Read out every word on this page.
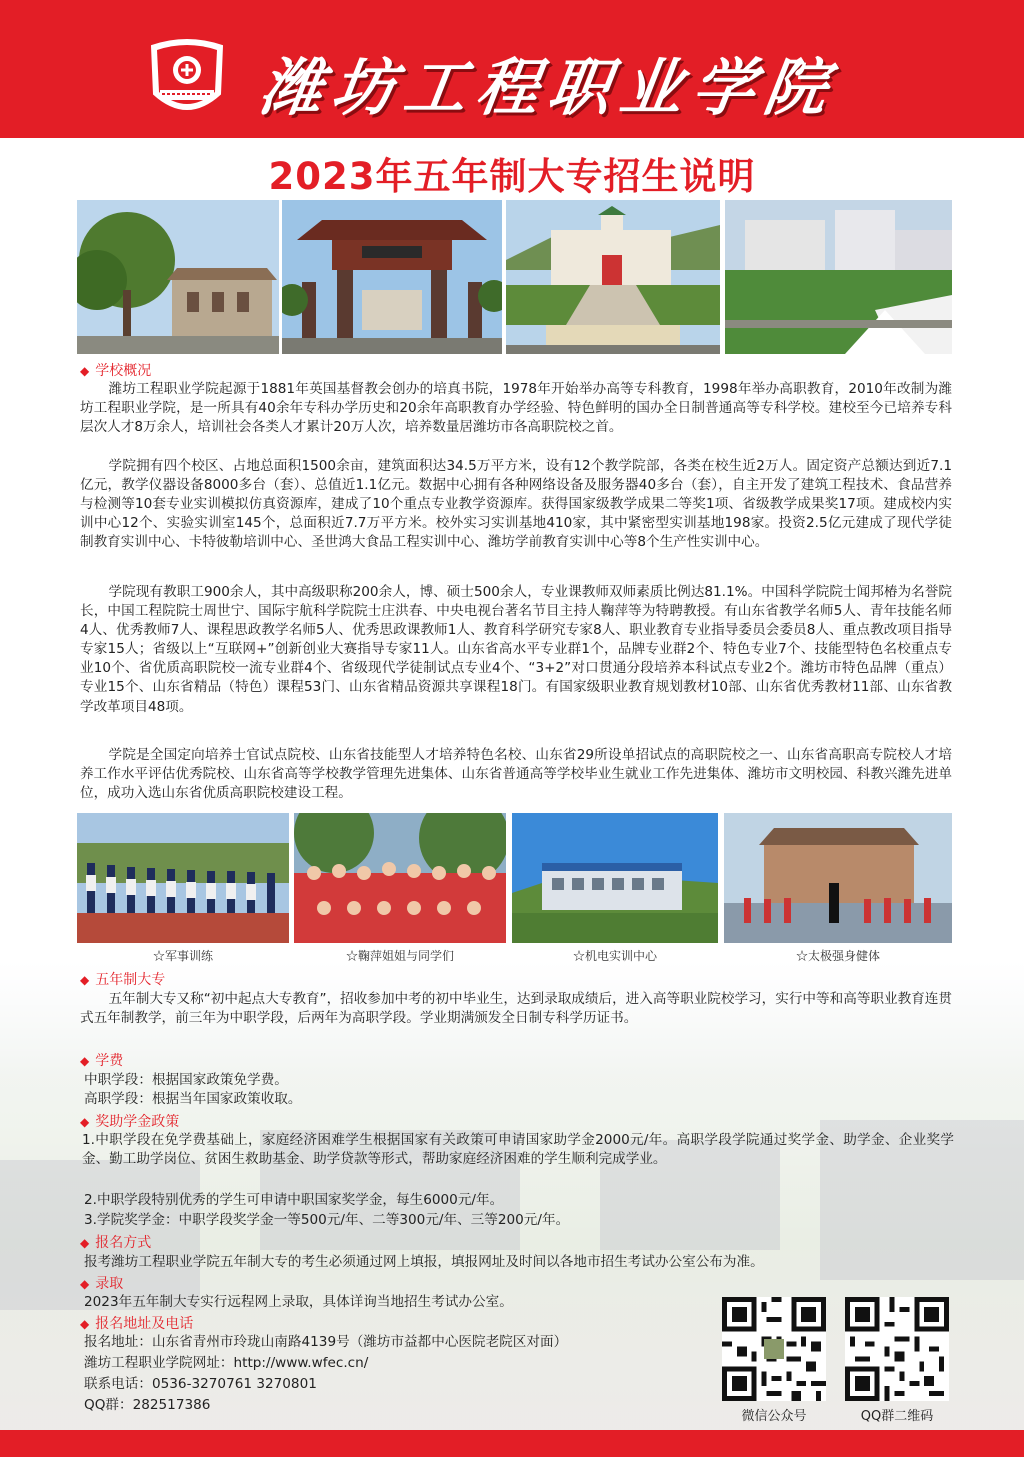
潍坊工程职业学院
2023年五年制大专招生说明
◆ 学校概况
潍坊工程职业学院起源于1881年英国基督教会创办的培真书院，1978年开始举办高等专科教育，1998年举办高职教育，2010年改制为潍坊工程职业学院，是一所具有40余年专科办学历史和20余年高职教育办学经验、特色鲜明的国办全日制普通高等专科学校。建校至今已培养专科层次人才8万余人，培训社会各类人才累计20万人次，培养数量居潍坊市各高职院校之首。
学院拥有四个校区、占地总面积1500余亩，建筑面积达34.5万平方米，设有12个教学院部，各类在校生近2万人。固定资产总额达到近7.1亿元，教学仪器设备8000多台（套）、总值近1.1亿元。数据中心拥有各种网络设备及服务器40多台（套），自主开发了建筑工程技术、食品营养与检测等10套专业实训模拟仿真资源库，建成了10个重点专业教学资源库。获得国家级教学成果二等奖1项、省级教学成果奖17项。建成校内实训中心12个、实验实训室145个，总面积近7.7万平方米。校外实习实训基地410家，其中紧密型实训基地198家。投资2.5亿元建成了现代学徒制教育实训中心、卡特彼勒培训中心、圣世鸿大食品工程实训中心、潍坊学前教育实训中心等8个生产性实训中心。
学院现有教职工900余人，其中高级职称200余人，博、硕士500余人，专业课教师双师素质比例达81.1%。中国科学院院士闻邦椿为名誉院长，中国工程院院士周世宁、国际宇航科学院院士庄洪春、中央电视台著名节目主持人鞠萍等为特聘教授。有山东省教学名师5人、青年技能名师4人、优秀教师7人、课程思政教学名师5人、优秀思政课教师1人、教育科学研究专家8人、职业教育专业指导委员会委员8人、重点教改项目指导专家15人；省级以上“互联网+”创新创业大赛指导专家11人。山东省高水平专业群1个，品牌专业群2个、特色专业7个、技能型特色名校重点专业10个、省优质高职院校一流专业群4个、省级现代学徒制试点专业4个、“3+2”对口贯通分段培养本科试点专业2个。潍坊市特色品牌（重点）专业15个、山东省精品（特色）课程53门、山东省精品资源共享课程18门。有国家级职业教育规划教材10部、山东省优秀教材11部、山东省教学改革项目48项。
学院是全国定向培养士官试点院校、山东省技能型人才培养特色名校、山东省29所设单招试点的高职院校之一、山东省高职高专院校人才培养工作水平评估优秀院校、山东省高等学校教学管理先进集体、山东省普通高等学校毕业生就业工作先进集体、潍坊市文明校园、科教兴潍先进单位，成功入选山东省优质高职院校建设工程。
☆军事训练	☆鞠萍姐姐与同学们	☆机电实训中心	☆太极强身健体
◆ 五年制大专
五年制大专又称“初中起点大专教育”，招收参加中考的初中毕业生，达到录取成绩后，进入高等职业院校学习，实行中等和高等职业教育连贯式五年制教学，前三年为中职学段，后两年为高职学段。学业期满颁发全日制专科学历证书。
◆ 学费
中职学段：根据国家政策免学费。
高职学段：根据当年国家政策收取。
◆ 奖助学金政策
1.中职学段在免学费基础上，家庭经济困难学生根据国家有关政策可申请国家助学金2000元/年。高职学段学院通过奖学金、助学金、企业奖学金、勤工助学岗位、贫困生救助基金、助学贷款等形式，帮助家庭经济困难的学生顺利完成学业。
2.中职学段特别优秀的学生可申请中职国家奖学金，每生6000元/年。
3.学院奖学金：中职学段奖学金一等500元/年、二等300元/年、三等200元/年。
◆ 报名方式
报考潍坊工程职业学院五年制大专的考生必须通过网上填报，填报网址及时间以各地市招生考试办公室公布为准。
◆ 录取
2023年五年制大专实行远程网上录取，具体详询当地招生考试办公室。
◆ 报名地址及电话
报名地址：山东省青州市玲珑山南路4139号（潍坊市益都中心医院老院区对面）
潍坊工程职业学院网址：http://www.wfec.cn/
联系电话：0536-3270761 3270801
QQ群：282517386
微信公众号	QQ群二维码
